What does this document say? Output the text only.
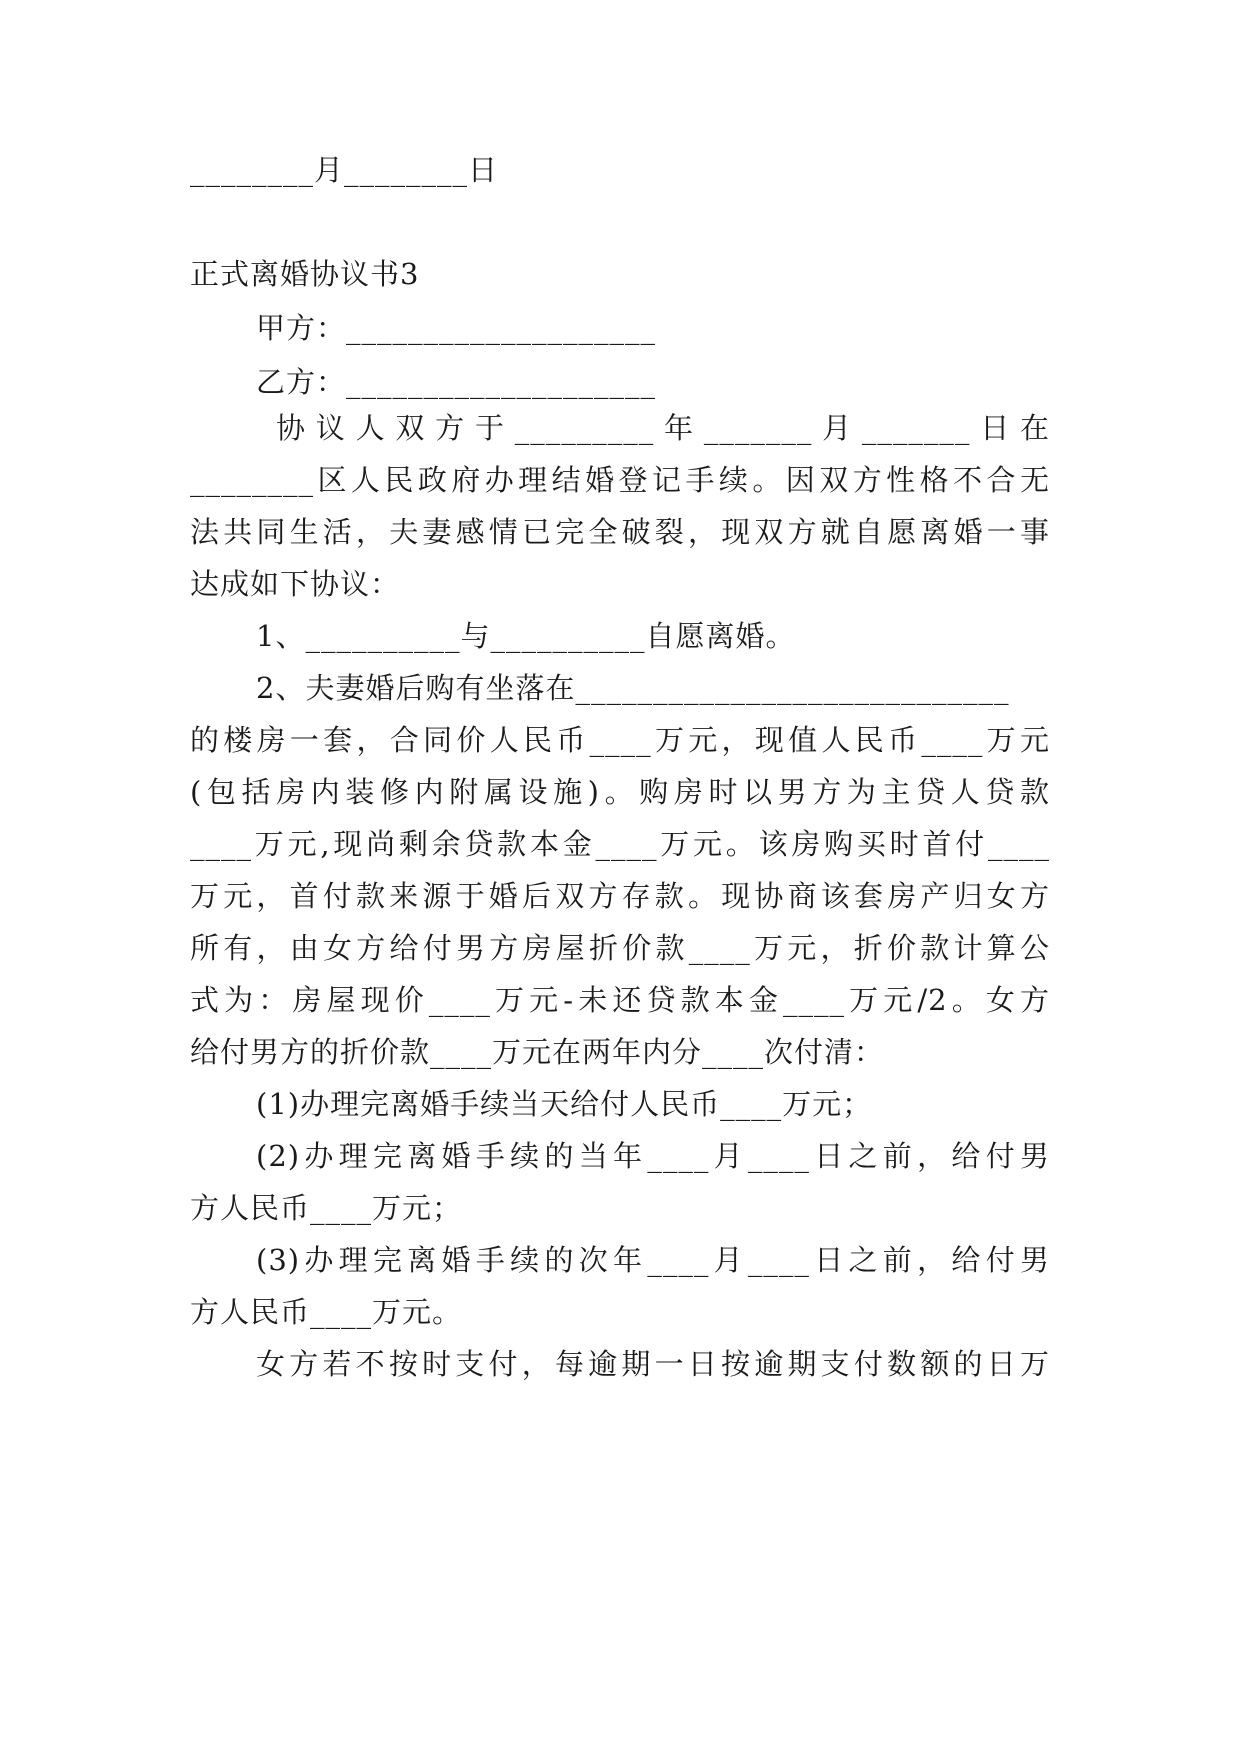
________月________日
正式离婚协议书3
甲方：____________________
乙方：____________________
协议人双方于_________年_______月_______日在
________区人民政府办理结婚登记手续。因双方性格不合无
法共同生活，夫妻感情已完全破裂，现双方就自愿离婚一事
达成如下协议：
1、__________与__________自愿离婚。
2、夫妻婚后购有坐落在____________________________
的楼房一套，合同价人民币____万元，现值人民币____万元
(包括房内装修内附属设施)。购房时以男方为主贷人贷款
____万元,现尚剩余贷款本金____万元。该房购买时首付____
万元，首付款来源于婚后双方存款。现协商该套房产归女方
所有，由女方给付男方房屋折价款____万元，折价款计算公
式为：房屋现价____万元-未还贷款本金____万元/2。女方
给付男方的折价款____万元在两年内分____次付清：
(1)办理完离婚手续当天给付人民币____万元；
(2)办理完离婚手续的当年____月____日之前，给付男
方人民币____万元；
(3)办理完离婚手续的次年____月____日之前，给付男
方人民币____万元。
女方若不按时支付，每逾期一日按逾期支付数额的日万
